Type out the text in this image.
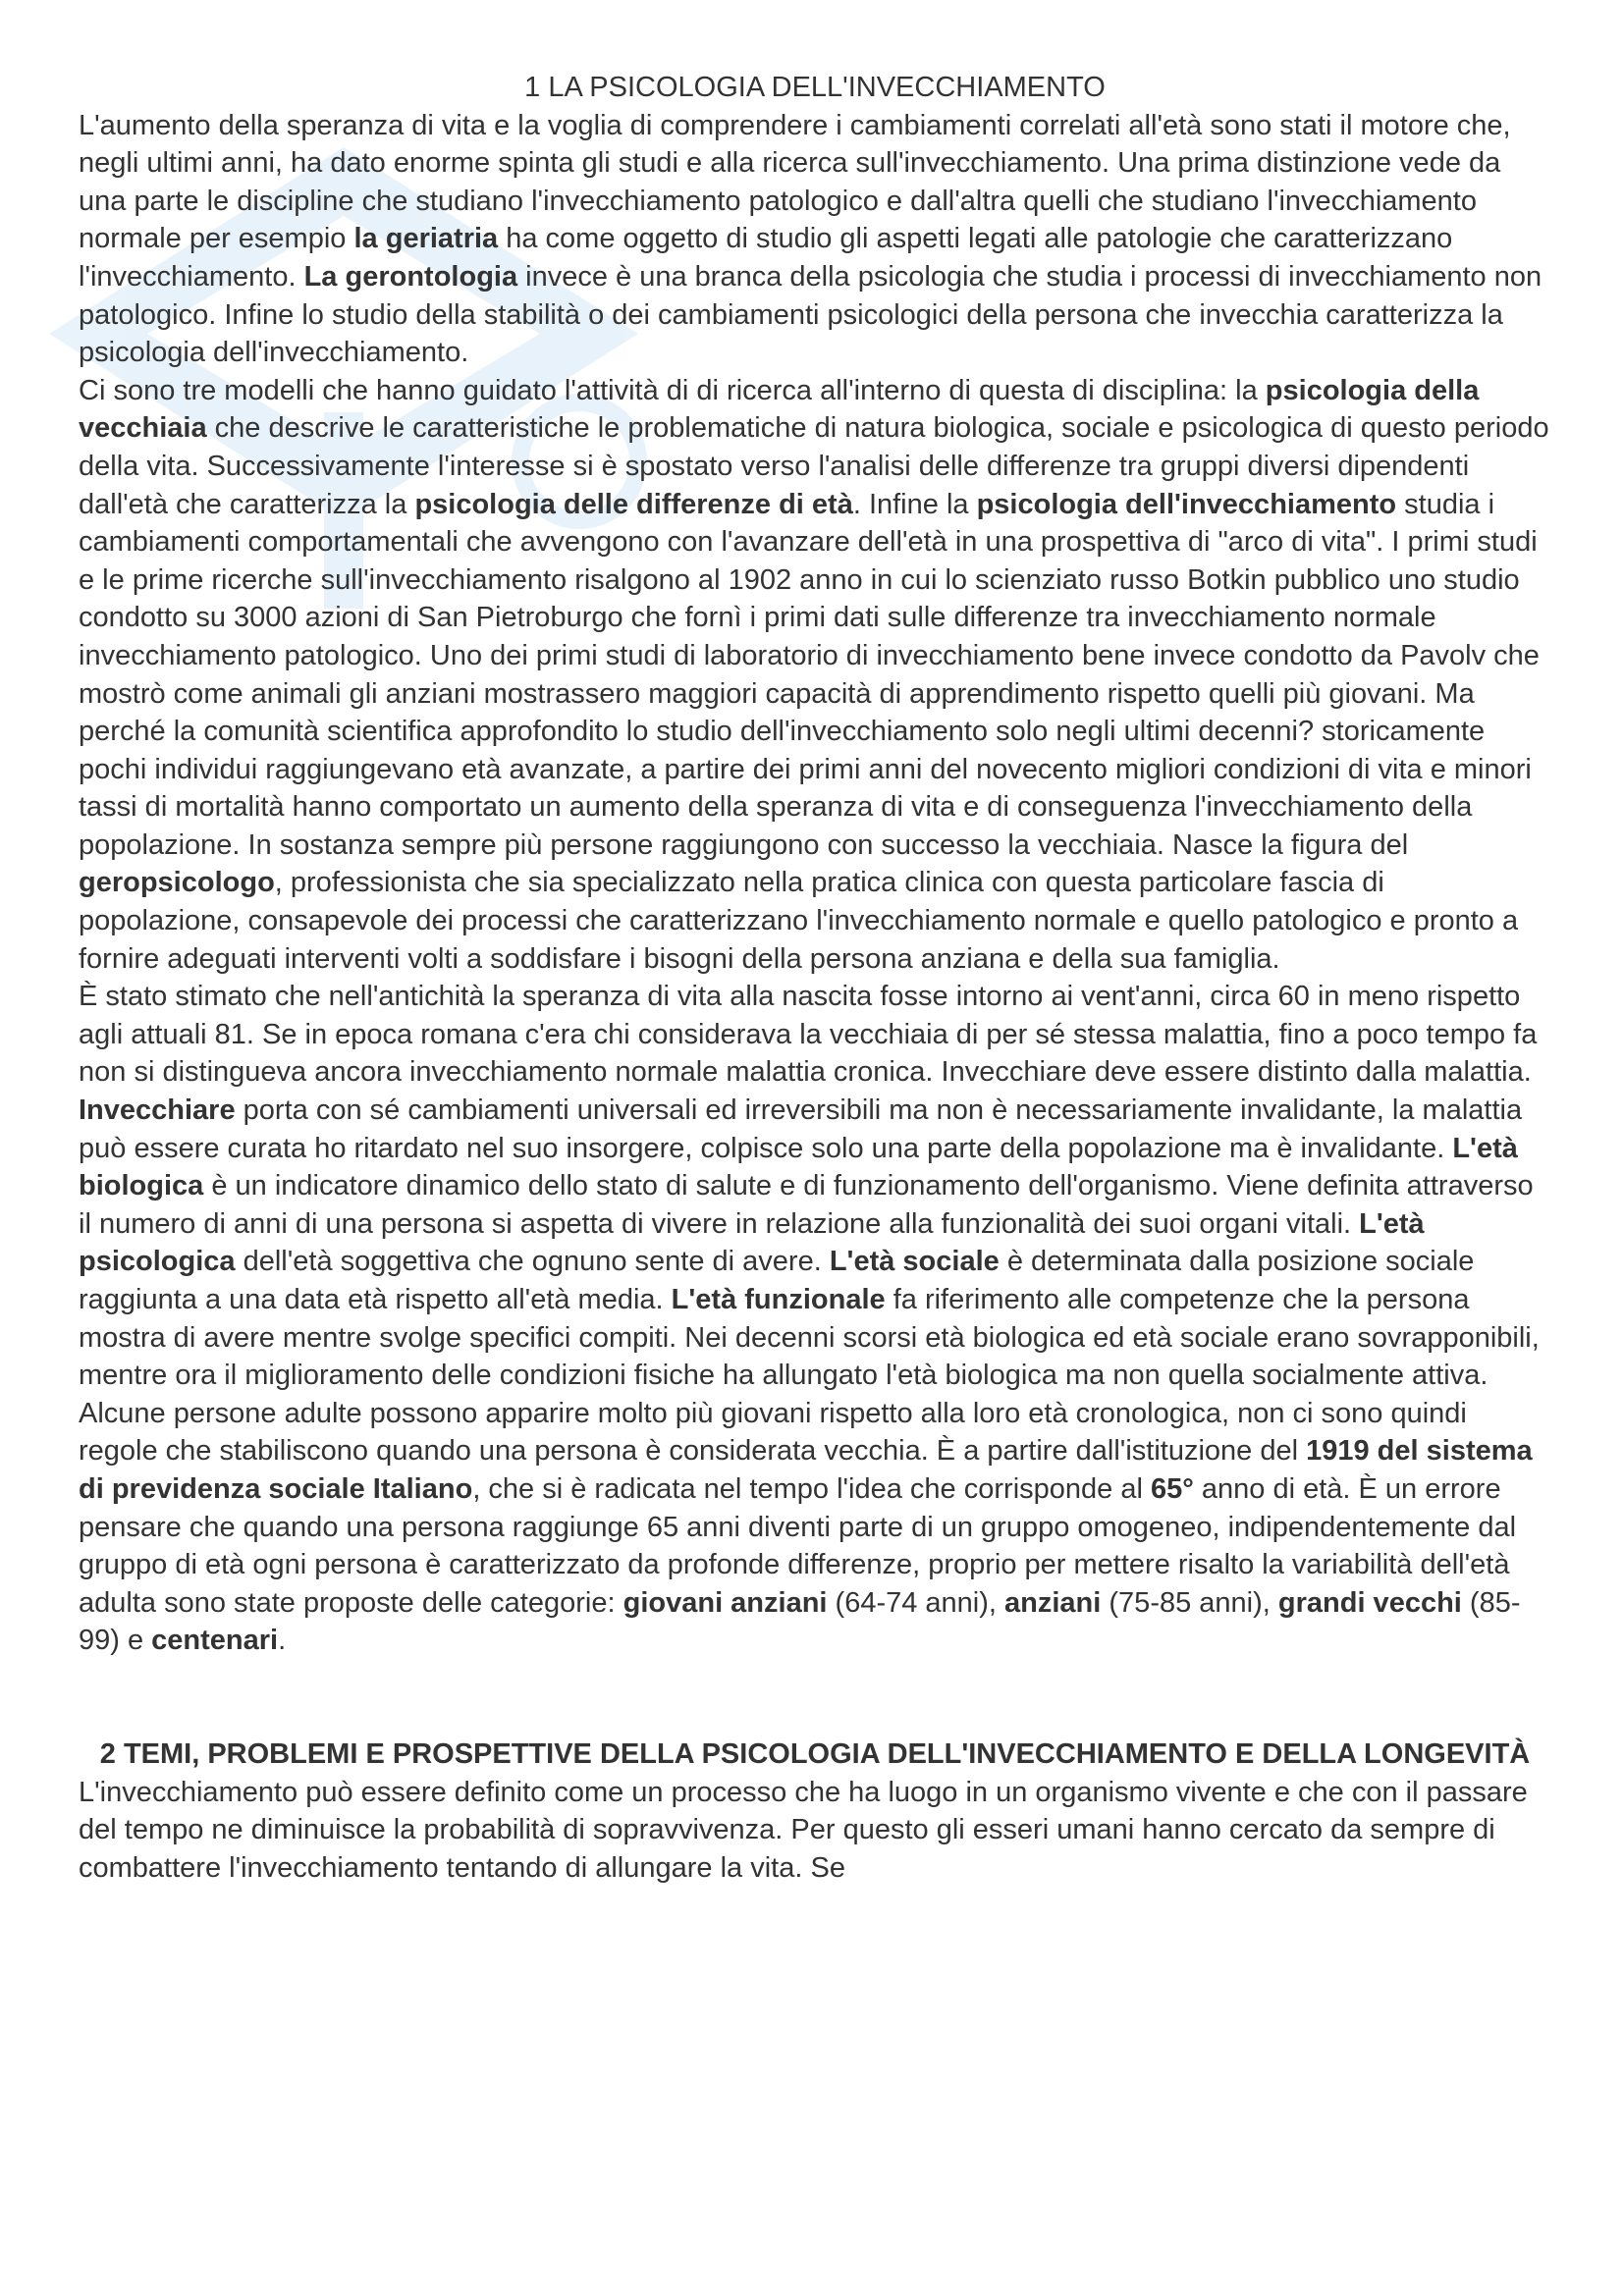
1 LA PSICOLOGIA DELL'INVECCHIAMENTO

L'aumento della speranza di vita e la voglia di comprendere i cambiamenti correlati all'età sono stati il motore che, negli ultimi anni, ha dato enorme spinta gli studi e alla ricerca sull'invecchiamento. Una prima distinzione vede da una parte le discipline che studiano l'invecchiamento patologico e dall'altra quelli che studiano l'invecchiamento normale per esempio la geriatria ha come oggetto di studio gli aspetti legati alle patologie che caratterizzano l'invecchiamento. La gerontologia invece è una branca della psicologia che studia i processi di invecchiamento non patologico. Infine lo studio della stabilità o dei cambiamenti psicologici della persona che invecchia caratterizza la psicologia dell'invecchiamento.

Ci sono tre modelli che hanno guidato l'attività di di ricerca all'interno di questa di disciplina: la psicologia della vecchiaia che descrive le caratteristiche le problematiche di natura biologica, sociale e psicologica di questo periodo della vita. Successivamente l'interesse si è spostato verso l'analisi delle differenze tra gruppi diversi dipendenti dall'età che caratterizza la psicologia delle differenze di età. Infine la psicologia dell'invecchiamento studia i cambiamenti comportamentali che avvengono con l'avanzare dell'età in una prospettiva di "arco di vita". I primi studi e le prime ricerche sull'invecchiamento risalgono al 1902 anno in cui lo scienziato russo Botkin pubblico uno studio condotto su 3000 azioni di San Pietroburgo che fornì i primi dati sulle differenze tra invecchiamento normale invecchiamento patologico. Uno dei primi studi di laboratorio di invecchiamento bene invece condotto da Pavolv che mostrò come animali gli anziani mostrassero maggiori capacità di apprendimento rispetto quelli più giovani. Ma perché la comunità scientifica approfondito lo studio dell'invecchiamento solo negli ultimi decenni? storicamente pochi individui raggiungevano età avanzate, a partire dei primi anni del novecento migliori condizioni di vita e minori tassi di mortalità hanno comportato un aumento della speranza di vita e di conseguenza l'invecchiamento della popolazione. In sostanza sempre più persone raggiungono con successo la vecchiaia. Nasce la figura del geropsicologo, professionista che sia specializzato nella pratica clinica con questa particolare fascia di popolazione, consapevole dei processi che caratterizzano l'invecchiamento normale e quello patologico e pronto a fornire adeguati interventi volti a soddisfare i bisogni della persona anziana e della sua famiglia.

È stato stimato che nell'antichità la speranza di vita alla nascita fosse intorno ai vent'anni, circa 60 in meno rispetto agli attuali 81. Se in epoca romana c'era chi considerava la vecchiaia di per sé stessa malattia, fino a poco tempo fa non si distingueva ancora invecchiamento normale malattia cronica. Invecchiare deve essere distinto dalla malattia. Invecchiare porta con sé cambiamenti universali ed irreversibili ma non è necessariamente invalidante, la malattia può essere curata ho ritardato nel suo insorgere, colpisce solo una parte della popolazione ma è invalidante. L'età biologica è un indicatore dinamico dello stato di salute e di funzionamento dell'organismo. Viene definita attraverso il numero di anni di una persona si aspetta di vivere in relazione alla funzionalità dei suoi organi vitali. L'età psicologica dell'età soggettiva che ognuno sente di avere. L'età sociale è determinata dalla posizione sociale raggiunta a una data età rispetto all'età media. L'età funzionale fa riferimento alle competenze che la persona mostra di avere mentre svolge specifici compiti. Nei decenni scorsi età biologica ed età sociale erano sovrapponibili, mentre ora il miglioramento delle condizioni fisiche ha allungato l'età biologica ma non quella socialmente attiva.

Alcune persone adulte possono apparire molto più giovani rispetto alla loro età cronologica, non ci sono quindi regole che stabiliscono quando una persona è considerata vecchia. È a partire dall'istituzione del 1919 del sistema di previdenza sociale Italiano, che si è radicata nel tempo l'idea che corrisponde al 65° anno di età. È un errore pensare che quando una persona raggiunge 65 anni diventi parte di un gruppo omogeneo, indipendentemente dal gruppo di età ogni persona è caratterizzato da profonde differenze, proprio per mettere risalto la variabilità dell'età adulta sono state proposte delle categorie: giovani anziani (64-74 anni), anziani (75-85 anni), grandi vecchi (85-99) e centenari.

2 TEMI, PROBLEMI E PROSPETTIVE DELLA PSICOLOGIA DELL'INVECCHIAMENTO E DELLA LONGEVITÀ

L'invecchiamento può essere definito come un processo che ha luogo in un organismo vivente e che con il passare del tempo ne diminuisce la probabilità di sopravvivenza. Per questo gli esseri umani hanno cercato da sempre di combattere l'invecchiamento tentando di allungare la vita. Se
